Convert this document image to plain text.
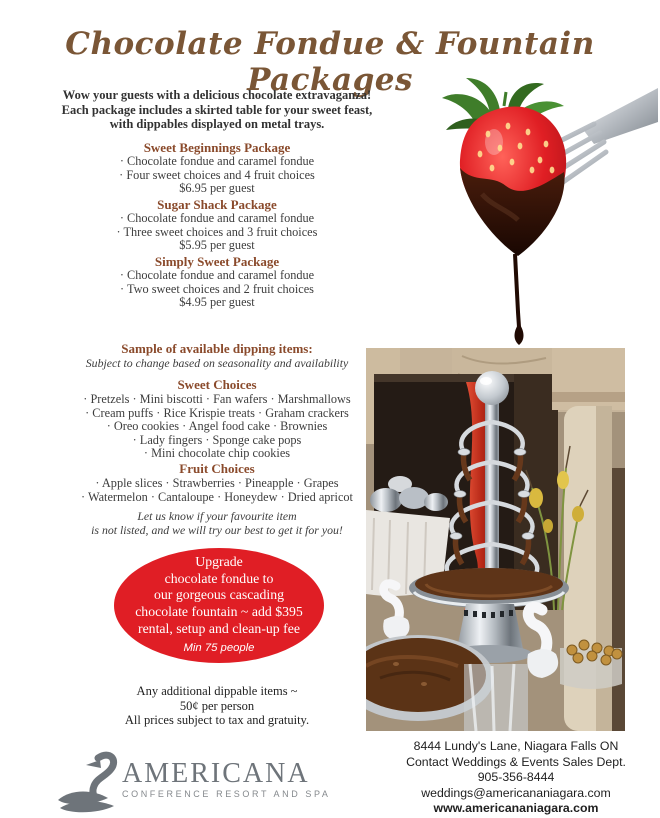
Chocolate Fondue & Fountain Packages
Wow your guests with a delicious chocolate extravaganza!
Each package includes a skirted table for your sweet feast,
with dippables displayed on metal trays.
Sweet Beginnings Package
· Chocolate fondue and caramel fondue
· Four sweet choices and 4 fruit choices
$6.95 per guest
Sugar Shack Package
· Chocolate fondue and caramel fondue
· Three sweet choices and 3 fruit choices
$5.95 per guest
Simply Sweet Package
· Chocolate fondue and caramel fondue
· Two sweet choices and 2 fruit choices
$4.95 per guest
Sample of available dipping items:
Subject to change based on seasonality and availability
Sweet Choices
· Pretzels · Mini biscotti · Fan wafers · Marshmallows
· Cream puffs · Rice Krispie treats · Graham crackers
· Oreo cookies · Angel food cake · Brownies
· Lady fingers · Sponge cake pops
· Mini chocolate chip cookies
Fruit Choices
· Apple slices · Strawberries · Pineapple · Grapes
· Watermelon · Cantaloupe · Honeydew · Dried apricot
Let us know if your favourite item
is not listed, and we will try our best to get it for you!
Upgrade
chocolate fondue to
our gorgeous cascading
chocolate fountain ~ add $395
rental, setup and clean-up fee
Min 75 people
Any additional dippable items ~
50¢ per person
All prices subject to tax and gratuity.
AMERICANA
CONFERENCE RESORT AND SPA
8444 Lundy's Lane, Niagara Falls ON
Contact Weddings & Events Sales Dept.
905-356-8444
weddings@americananiagara.com
www.americananiagara.com
